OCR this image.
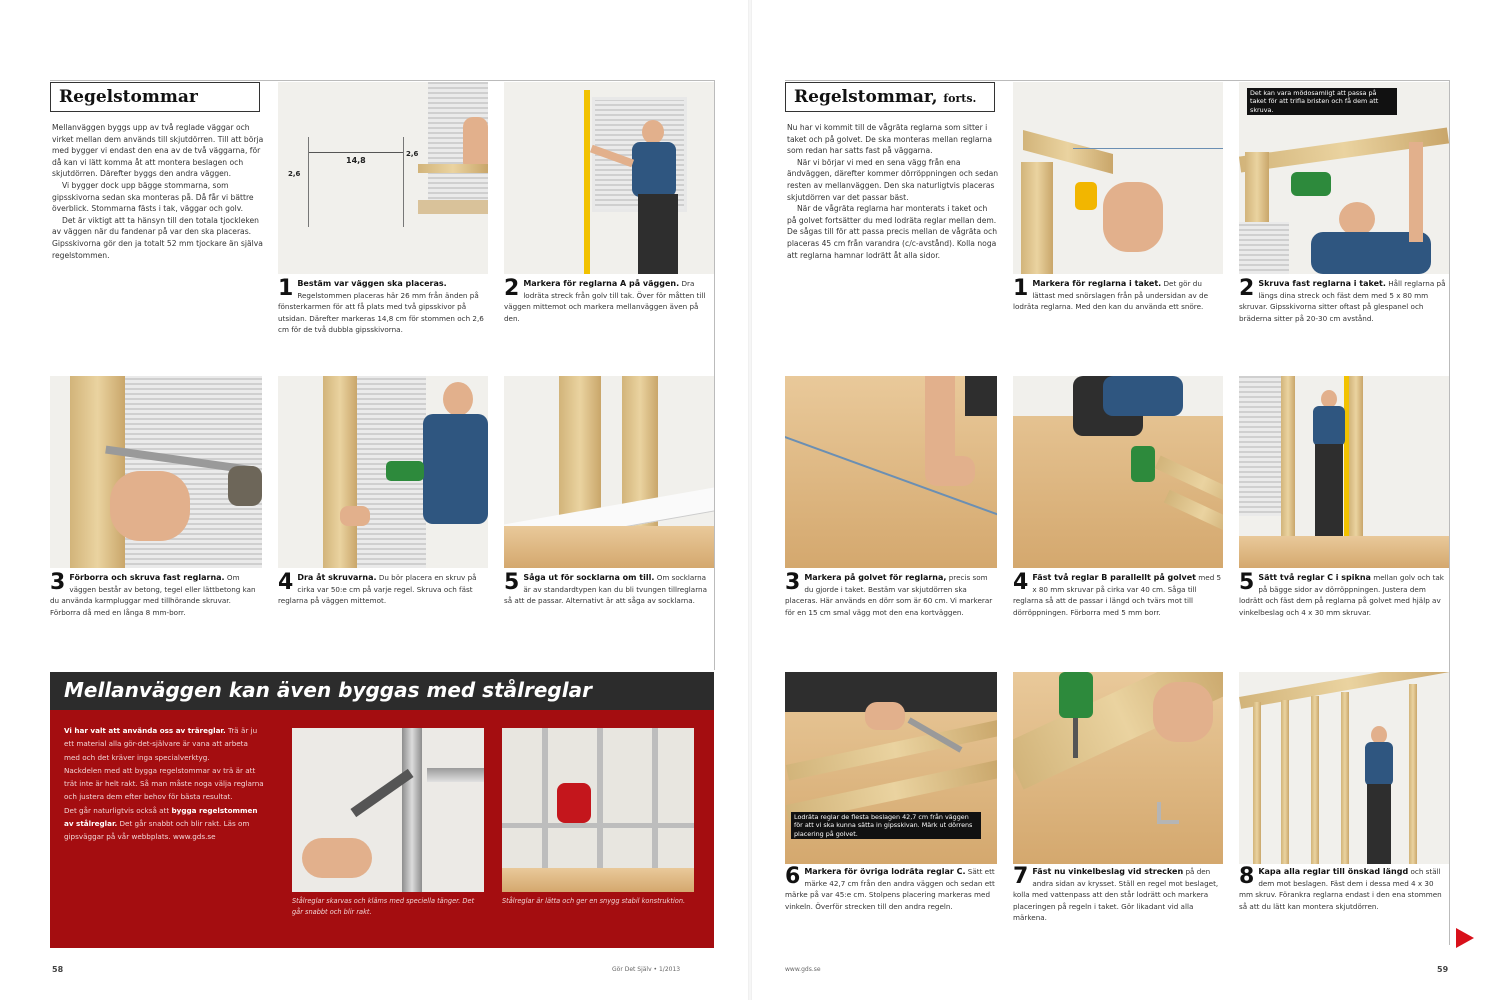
Regelstommar
Mellanväggen byggs upp av två reglade väggar och virket mellan dem används till skjutdörren. Till att börja med bygger vi endast den ena av de två väggarna, för då kan vi lätt komma åt att montera beslagen och skjutdörren. Därefter byggs den andra väggen.
Vi bygger dock upp bägge stommarna, som gipsskivorna sedan ska monteras på. Då får vi bättre överblick. Stommarna fästs i tak, väggar och golv.
Det är viktigt att ta hänsyn till den totala tjockleken av väggen när du fandenar på var den ska placeras. Gipsskivorna gör den ja totalt 52 mm tjockare än själva regelstommen.
14,8
2,6
2,6
1 Bestäm var väggen ska placeras. Regelstommen placeras här 26 mm från änden på fönsterkarmen för att få plats med två gipsskivor på utsidan. Därefter markeras 14,8 cm för stommen och 2,6 cm för de två dubbla gipsskivorna.
2 Markera för reglarna A på väggen. Dra lodräta streck från golv till tak. Över för måtten till väggen mittemot och markera mellanväggen även på den.
3 Förborra och skruva fast reglarna. Om väggen består av betong, tegel eller lättbetong kan du använda karmpluggar med tillhörande skruvar. Förborra då med en långa 8 mm-borr.
4 Dra åt skruvarna. Du bör placera en skruv på cirka var 50:e cm på varje regel. Skruva och fäst reglarna på väggen mittemot.
5 Såga ut för socklarna om till. Om socklarna är av standardtypen kan du bli tvungen tillreglarna så att de passar. Alternativt är att såga av socklarna.
Mellanväggen kan även byggas med stålreglar
Vi har valt att använda oss av träreglar. Trä är ju ett material alla gör-det-självare är vana att arbeta med och det kräver inga specialverktyg.
Nackdelen med att bygga regelstommar av trä är att trät inte är helt rakt. Så man måste noga välja reglarna och justera dem efter behov för bästa resultat.
Det går naturligtvis också att bygga regelstommen av stålreglar. Det går snabbt och blir rakt. Läs om gipsväggar på vår webbplats. www.gds.se
Stålreglar skarvas och kläms med speciella tänger. Det går snabbt och blir rakt.
Stålreglar är lätta och ger en snygg stabil konstruktion.
58	Gör Det Själv • 1/2013
Regelstommar, forts.
Nu har vi kommit till de vågräta reglarna som sitter i taket och på golvet. De ska monteras mellan reglarna som redan har satts fast på väggarna.
När vi börjar vi med en sena vägg från ena ändväggen, därefter kommer dörröppningen och sedan resten av mellanväggen. Den ska naturligtvis placeras skjutdörren var det passar bäst.
När de vågräta reglarna har monterats i taket och på golvet fortsätter du med lodräta reglar mellan dem. De sågas till för att passa precis mellan de vågräta och placeras 45 cm från varandra (c/c-avstånd). Kolla noga att reglarna hamnar lodrätt åt alla sidor.
Det kan vara mödosamligt att passa på taket för att trifla bristen och få dem att skruva.
1 Markera för reglarna i taket. Det gör du lättast med snörslagen från på undersidan av de lodräta reglarna. Med den kan du använda ett snöre.
2 Skruva fast reglarna i taket. Håll reglarna på längs dina streck och fäst dem med 5 x 80 mm skruvar. Gipsskivorna sitter oftast på glespanel och bräderna sitter på 20-30 cm avstånd.
3 Markera på golvet för reglarna, precis som du gjorde i taket. Bestäm var skjutdörren ska placeras. Här används en dörr som är 60 cm. Vi markerar för en 15 cm smal vägg mot den ena kortväggen.
4 Fäst två reglar B parallellt på golvet med 5 x 80 mm skruvar på cirka var 40 cm. Såga till reglarna så att de passar i längd och tvärs mot till dörröppningen. Förborra med 5 mm borr.
5 Sätt två reglar C i spikna mellan golv och tak på bägge sidor av dörröppningen. Justera dem lodrätt och fäst dem på reglarna på golvet med hjälp av vinkelbeslag och 4 x 30 mm skruvar.
Lodräta reglar de flesta beslagen 42,7 cm från väggen för att vi ska kunna sätta in gipsskivan. Märk ut dörrens placering på golvet.
6 Markera för övriga lodräta reglar C. Sätt ett märke 42,7 cm från den andra väggen och sedan ett märke på var 45:e cm. Stolpens placering markeras med vinkeln. Överför strecken till den andra regeln.
7 Fäst nu vinkelbeslag vid strecken på den andra sidan av krysset. Ställ en regel mot beslaget, kolla med vattenpass att den står lodrätt och markera placeringen på regeln i taket. Gör likadant vid alla märkena.
8 Kapa alla reglar till önskad längd och ställ dem mot beslagen. Fäst dem i dessa med 4 x 30 mm skruv. Förankra reglarna endast i den ena stommen så att du lätt kan montera skjutdörren.
www.gds.se	59
